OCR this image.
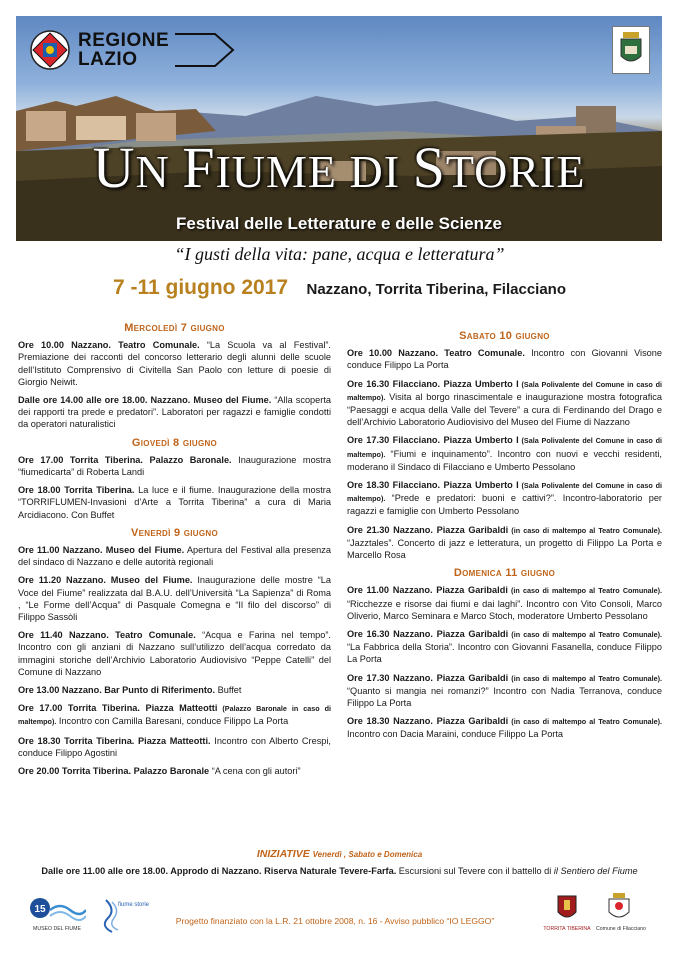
REGIONE
LAZIO
UN FIUME DI STORIE
Festival delle Letterature e delle Scienze
“I gusti della vita: pane, acqua e letteratura”
7 -11 giugno 2017 Nazzano, Torrita Tiberina, Filacciano
Mercoledì 7 giugno
Ore 10.00 Nazzano. Teatro Comunale. “La Scuola va al Festival”. Premiazione dei racconti del concorso letterario degli alunni delle scuole dell’Istituto Comprensivo di Civitella San Paolo con letture di poesie di Giorgio Neiwit.
Dalle ore 14.00 alle ore 18.00. Nazzano. Museo del Fiume. “Alla scoperta dei rapporti tra prede e predatori”. Laboratori per ragazzi e famiglie condotti da operatori naturalistici
Giovedì 8 giugno
Ore 17.00 Torrita Tiberina. Palazzo Baronale. Inaugurazione mostra “fiumedicarta” di Roberta Landi
Ore 18.00 Torrita Tiberina. La luce e il fiume. Inaugurazione della mostra “TORRIFLUMEN-Invasioni d’Arte a Torrita Tiberina” a cura di Maria Arcidiacono. Con Buffet
Venerdì 9 giugno
Ore 11.00 Nazzano. Museo del Fiume. Apertura del Festival alla presenza del sindaco di Nazzano e delle autorità regionali
Ore 11.20 Nazzano. Museo del Fiume. Inaugurazione delle mostre “La Voce del Fiume” realizzata dal B.A.U. dell’Università “La Sapienza” di Roma , “Le Forme dell’Acqua” di Pasquale Comegna e “Il filo del discorso” di Filippo Sassòli
Ore 11.40 Nazzano. Teatro Comunale. “Acqua e Farina nel tempo”. Incontro con gli anziani di Nazzano sull’utilizzo dell’acqua corredato da immagini storiche dell’Archivio Laboratorio Audiovisivo “Peppe Catelli” del Comune di Nazzano
Ore 13.00 Nazzano. Bar Punto di Riferimento. Buffet
Ore 17.00 Torrita Tiberina. Piazza Matteotti (Palazzo Baronale in caso di maltempo). Incontro con Camilla Baresani, conduce Filippo La Porta
Ore 18.30 Torrita Tiberina. Piazza Matteotti. Incontro con Alberto Crespi, conduce Filippo Agostini
Ore 20.00 Torrita Tiberina. Palazzo Baronale “A cena con gli autori”
Sabato 10 giugno
Ore 10.00 Nazzano. Teatro Comunale. Incontro con Giovanni Visone conduce Filippo La Porta
Ore 16.30 Filacciano. Piazza Umberto I (Sala Polivalente del Comune in caso di maltempo). Visita al borgo rinascimentale e inaugurazione mostra fotografica “Paesaggi e acqua della Valle del Tevere” a cura di Ferdinando del Drago e dell’Archivio Laboratorio Audiovisivo del Museo del Fiume di Nazzano
Ore 17.30 Filacciano. Piazza Umberto I (Sala Polivalente del Comune in caso di maltempo). “Fiumi e inquinamento”. Incontro con nuovi e vecchi residenti, moderano il Sindaco di Filacciano e Umberto Pessolano
Ore 18.30 Filacciano. Piazza Umberto I (Sala Polivalente del Comune in caso di maltempo). “Prede e predatori: buoni e cattivi?”. Incontro-laboratorio per ragazzi e famiglie con Umberto Pessolano
Ore 21.30 Nazzano. Piazza Garibaldi (in caso di maltempo al Teatro Comunale). “Jazztales”. Concerto di jazz e letteratura, un progetto di Filippo La Porta e Marcello Rosa
Domenica 11 giugno
Ore 11.00 Nazzano. Piazza Garibaldi (in caso di maltempo al Teatro Comunale). “Ricchezze e risorse dai fiumi e dai laghi”. Incontro con Vito Consoli, Marco Oliverio, Marco Seminara e Marco Stoch, moderatore Umberto Pessolano
Ore 16.30 Nazzano. Piazza Garibaldi (in caso di maltempo al Teatro Comunale). “La Fabbrica della Storia”. Incontro con Giovanni Fasanella, conduce Filippo La Porta
Ore 17.30 Nazzano. Piazza Garibaldi (in caso di maltempo al Teatro Comunale). “Quanto si mangia nei romanzi?” Incontro con Nadia Terranova, conduce Filippo La Porta
Ore 18.30 Nazzano. Piazza Garibaldi (in caso di maltempo al Teatro Comunale). Incontro con Dacia Maraini, conduce Filippo La Porta
INIZIATIVE Venerdì , Sabato e Domenica
Dalle ore 11.00 alle ore 18.00. Approdo di Nazzano. Riserva Naturale Tevere-Farfa. Escursioni sul Tevere con il battello di il Sentiero del Fiume
15
MUSEO DEL FIUME
fiume storie
Progetto finanziato con la L.R. 21 ottobre 2008, n. 16 - Avviso pubblico “IO LEGGO”
TORRITA TIBERINA Comune di Filacciano
